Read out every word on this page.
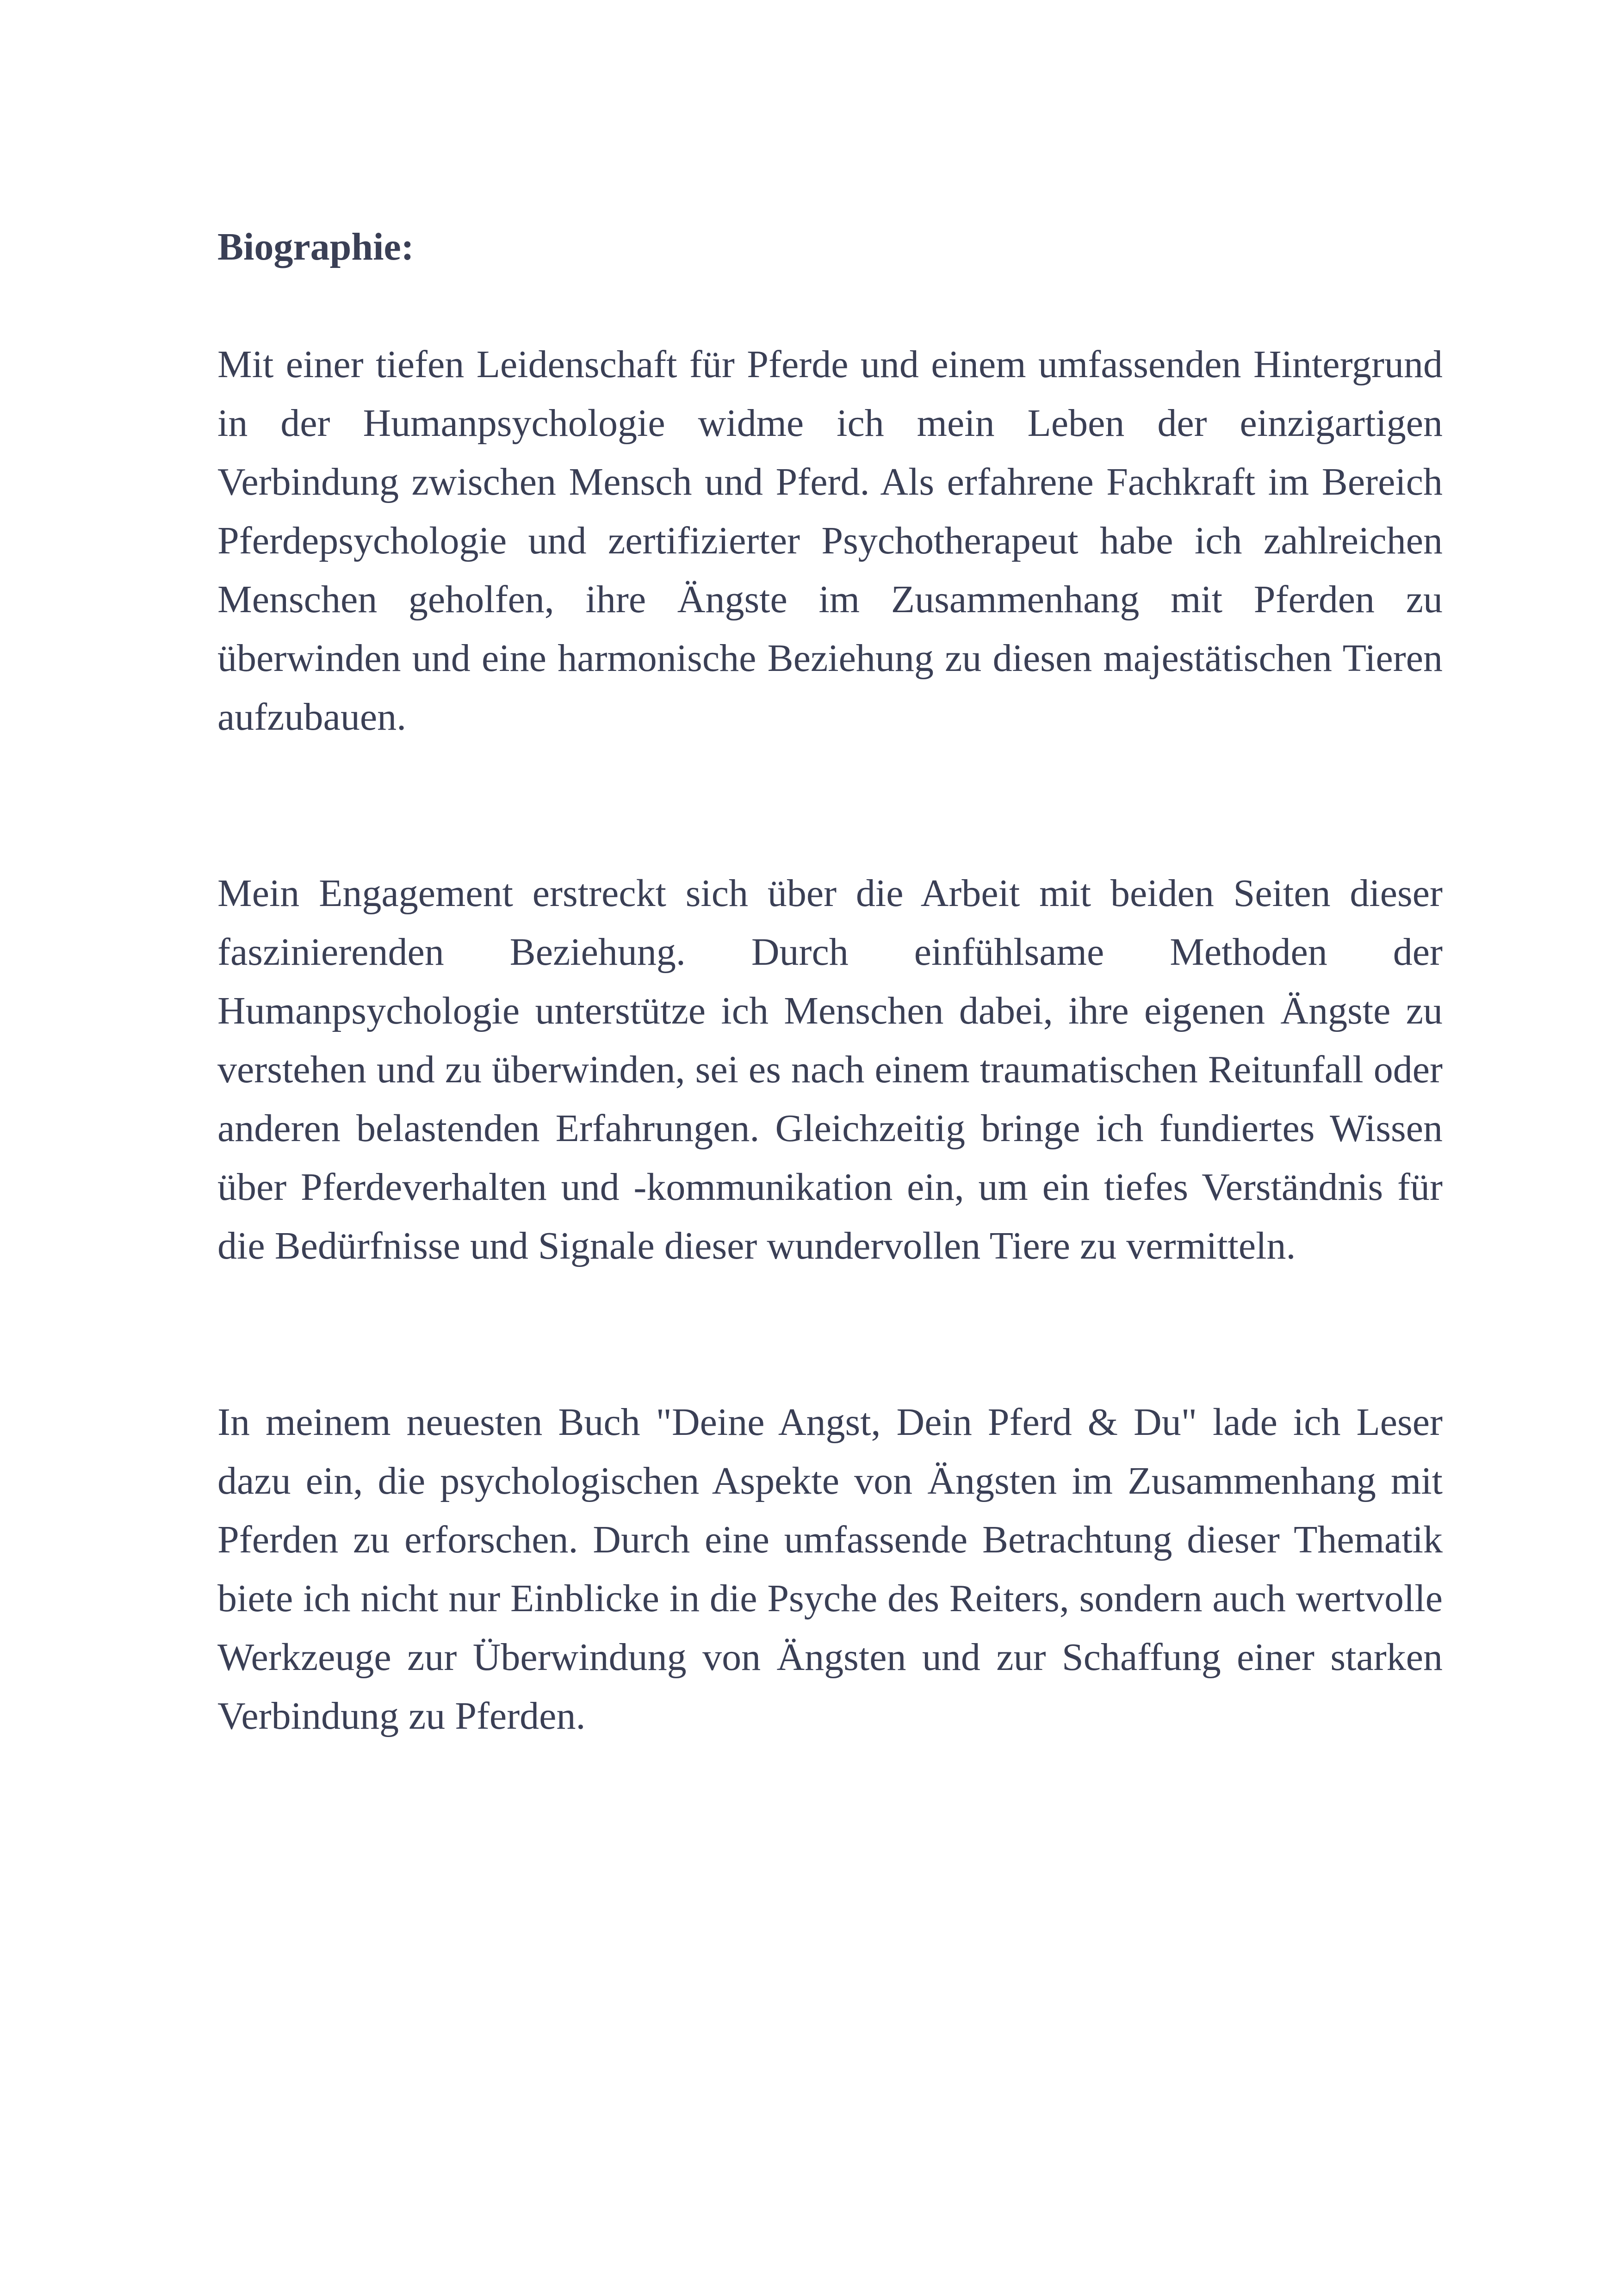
Biographie:

Mit einer tiefen Leidenschaft für Pferde und einem umfassenden Hintergrund in der Humanpsychologie widme ich mein Leben der einzigartigen Verbindung zwischen Mensch und Pferd. Als erfahrene Fachkraft im Bereich Pferdepsychologie und zertifizierter Psychotherapeut habe ich zahlreichen Menschen geholfen, ihre Ängste im Zusammenhang mit Pferden zu überwinden und eine harmonische Beziehung zu diesen majestätischen Tieren aufzubauen.

Mein Engagement erstreckt sich über die Arbeit mit beiden Seiten dieser faszinierenden Beziehung. Durch einfühlsame Methoden der Humanpsychologie unterstütze ich Menschen dabei, ihre eigenen Ängste zu verstehen und zu überwinden, sei es nach einem traumatischen Reitunfall oder anderen belastenden Erfahrungen. Gleichzeitig bringe ich fundiertes Wissen über Pferdeverhalten und -kommunikation ein, um ein tiefes Verständnis für die Bedürfnisse und Signale dieser wundervollen Tiere zu vermitteln.

In meinem neuesten Buch "Deine Angst, Dein Pferd & Du" lade ich Leser dazu ein, die psychologischen Aspekte von Ängsten im Zusammenhang mit Pferden zu erforschen. Durch eine umfassende Betrachtung dieser Thematik biete ich nicht nur Einblicke in die Psyche des Reiters, sondern auch wertvolle Werkzeuge zur Überwindung von Ängsten und zur Schaffung einer starken Verbindung zu Pferden.
